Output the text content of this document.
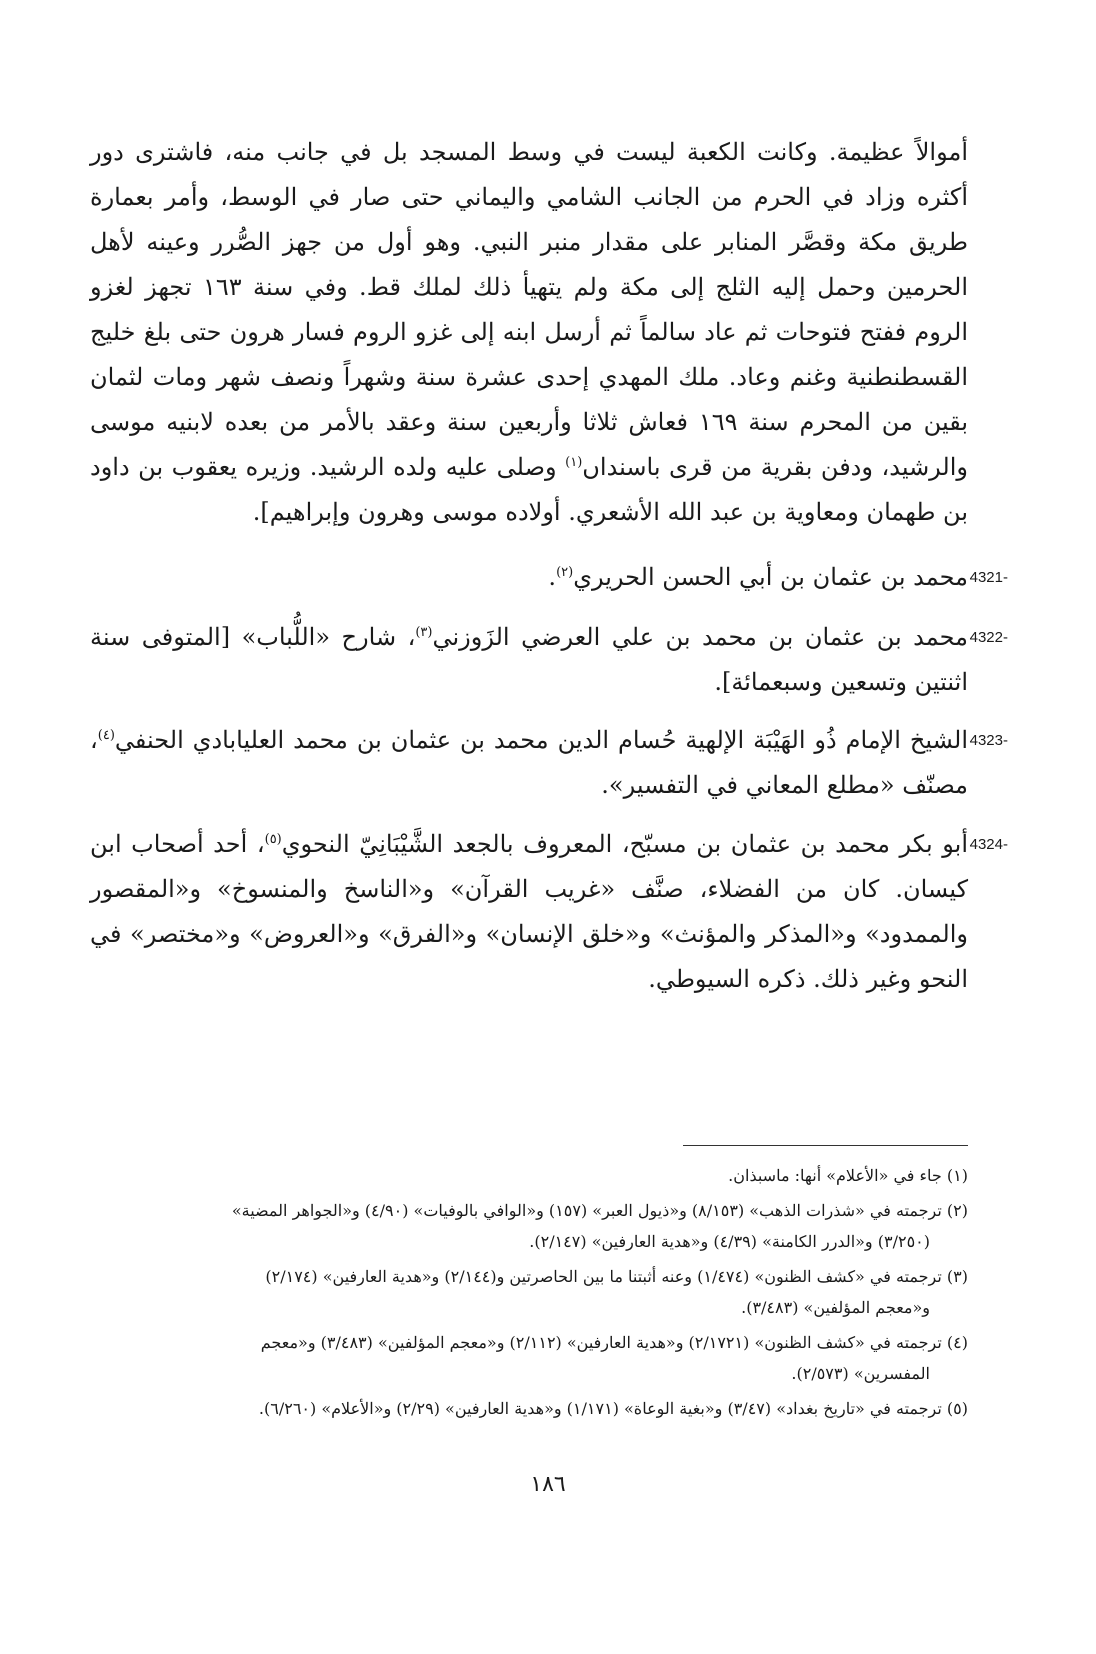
أموالاً عظيمة. وكانت الكعبة ليست في وسط المسجد بل في جانب منه، فاشترى دور أكثره وزاد في الحرم من الجانب الشامي واليماني حتى صار في الوسط، وأمر بعمارة طريق مكة وقصَّر المنابر على مقدار منبر النبي. وهو أول من جهز الصُّرر وعينه لأهل الحرمين وحمل إليه الثلج إلى مكة ولم يتهيأ ذلك لملك قط. وفي سنة ١٦٣ تجهز لغزو الروم ففتح فتوحات ثم عاد سالماً ثم أرسل ابنه إلى غزو الروم فسار هرون حتى بلغ خليج القسطنطنية وغنم وعاد. ملك المهدي إحدى عشرة سنة وشهراً ونصف شهر ومات لثمان بقين من المحرم سنة ١٦٩ فعاش ثلاثا وأربعين سنة وعقد بالأمر من بعده لابنيه موسى والرشيد، ودفن بقرية من قرى باسنداں$^{(١)}$ وصلى عليه ولده الرشيد. وزيره يعقوب بن داود بن طهمان ومعاوية بن عبد الله الأشعري. أولاده موسى وهرون وإبراهيم].

4321-
محمد بن عثمان بن أبي الحسن الحريري$^{(٢)}$.
4322-
محمد بن عثمان بن محمد بن علي العرضي الزَوزني$^{(٣)}$، شارح «اللُّباب» [المتوفى سنة اثنتين وتسعين وسبعمائة].
4323-
الشيخ الإمام ذُو الهَيْبَة الإلهية حُسام الدين محمد بن عثمان بن محمد العليابادي الحنفي$^{(٤)}$، مصنّف «مطلع المعاني في التفسير».
4324-
أبو بكر محمد بن عثمان بن مسبّح، المعروف بالجعد الشَّيْبَانِيّ النحوي$^{(٥)}$، أحد أصحاب ابن كيسان. كان من الفضلاء، صنَّف «غريب القرآن» و«الناسخ والمنسوخ» و«المقصور والممدود» و«المذكر والمؤنث» و«خلق الإنسان» و«الفرق» و«العروض» و«مختصر» في النحو وغير ذلك. ذكره السيوطي.
(١) جاء في «الأعلام» أنها: ماسبذان.
(٢) ترجمته في «شذرات الذهب» (٨/١٥٣) و«ذيول العبر» (١٥٧) و«الوافي بالوفيات» (٤/٩٠) و«الجواهر المضية»
(٣/٢٥٠) و«الدرر الكامنة» (٤/٣٩) و«هدية العارفين» (٢/١٤٧).
(٣) ترجمته في «كشف الظنون» (١/٤٧٤) وعنه أثبتنا ما بين الحاصرتين و(٢/١٤٤) و«هدية العارفين» (٢/١٧٤)
و«معجم المؤلفين» (٣/٤٨٣).
(٤) ترجمته في «كشف الظنون» (٢/١٧٢١) و«هدية العارفين» (٢/١١٢) و«معجم المؤلفين» (٣/٤٨٣) و«معجم
المفسرين» (٢/٥٧٣).
(٥) ترجمته في «تاريخ بغداد» (٣/٤٧) و«بغية الوعاة» (١/١٧١) و«هدية العارفين» (٢/٢٩) و«الأعلام» (٦/٢٦٠).
١٨٦
